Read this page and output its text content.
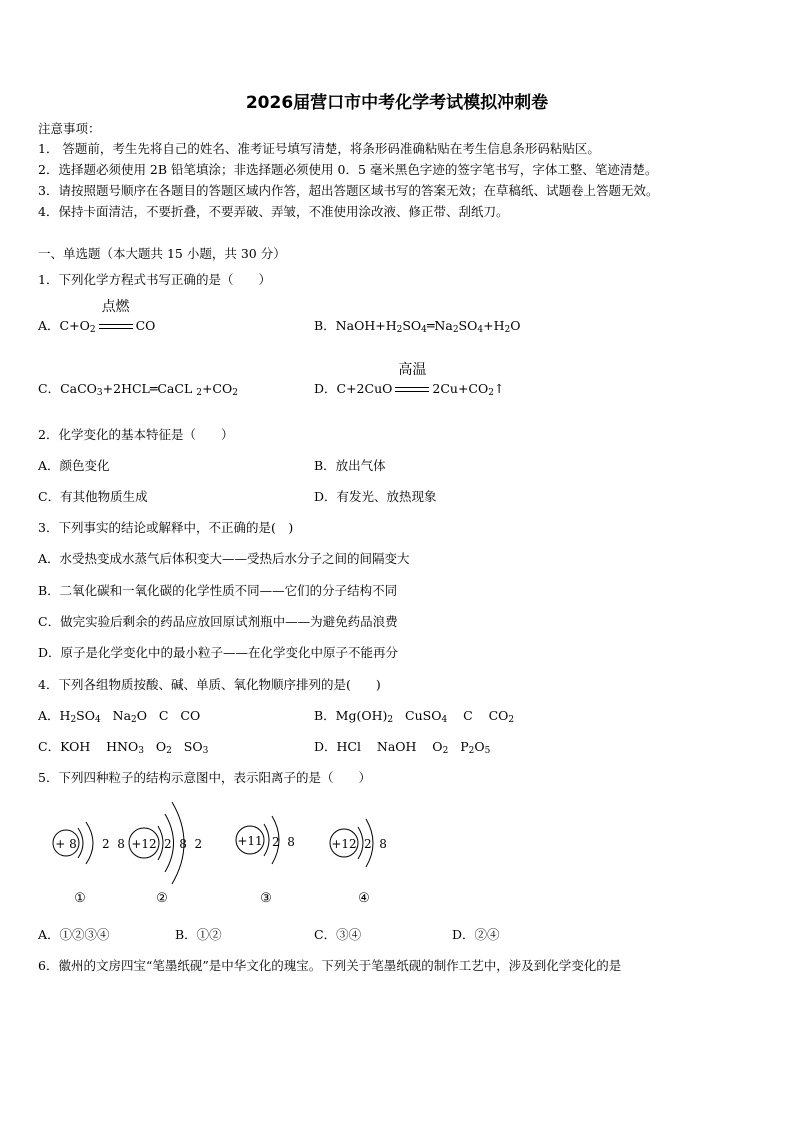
2026届营口市中考化学考试模拟冲刺卷
注意事项：
1． 答题前，考生先将自己的姓名、准考证号填写清楚，将条形码准确粘贴在考生信息条形码粘贴区。
2．选择题必须使用 2B 铅笔填涂；非选择题必须使用 0．5 毫米黑色字迹的签字笔书写，字体工整、笔迹清楚。
3．请按照题号顺序在各题目的答题区域内作答，超出答题区域书写的答案无效；在草稿纸、试题卷上答题无效。
4．保持卡面清洁，不要折叠，不要弄破、弄皱，不准使用涂改液、修正带、刮纸刀。
一、单选题（本大题共 15 小题，共 30 分）
1．下列化学方程式书写正确的是（　　）
A．$C+O_2$
点燃
CO	B．$NaOH+H_2SO_4═Na_2SO_4+H_2O$
C．CaCO$_3$+2HCL═CaCL $_2+CO_2$	D．C+2CuO
高温
$2Cu+CO_2↑$
2．化学变化的基本特征是（　　）
A．颜色变化	B．放出气体
C．有其他物质生成	D．有发光、放热现象
3．下列事实的结论或解释中，不正确的是(　)
A．水受热变成水蒸气后体积变大——受热后水分子之间的间隔变大
B．二氧化碳和一氧化碳的化学性质不同——它们的分子结构不同
C．做完实验后剩余的药品应放回原试剂瓶中——为避免药品浪费
D．原子是化学变化中的最小粒子——在化学变化中原子不能再分
4．下列各组物质按酸、碱、单质、氧化物顺序排列的是(　　)
A．$H_2SO_4$   $Na_2O$   C   CO	B．$Mg(OH)_2$   CuSO$_4$    C    $CO_2$
C．KOH    $HNO_3$   $O_2$   $SO_3$	D．HCl    NaOH    $O_2$   $P_2O_5$
5．下列四种粒子的结构示意图中，表示阳离子的是（　　）
+ 8 2  8
①
+12 2  8  2
②
+11 2  8
③
+12 2  8
④
A．①②③④	B．①②	C．③④	D．②④
6．徽州的文房四宝“笔墨纸砚”是中华文化的瑰宝。下列关于笔墨纸砚的制作工艺中，涉及到化学变化的是
